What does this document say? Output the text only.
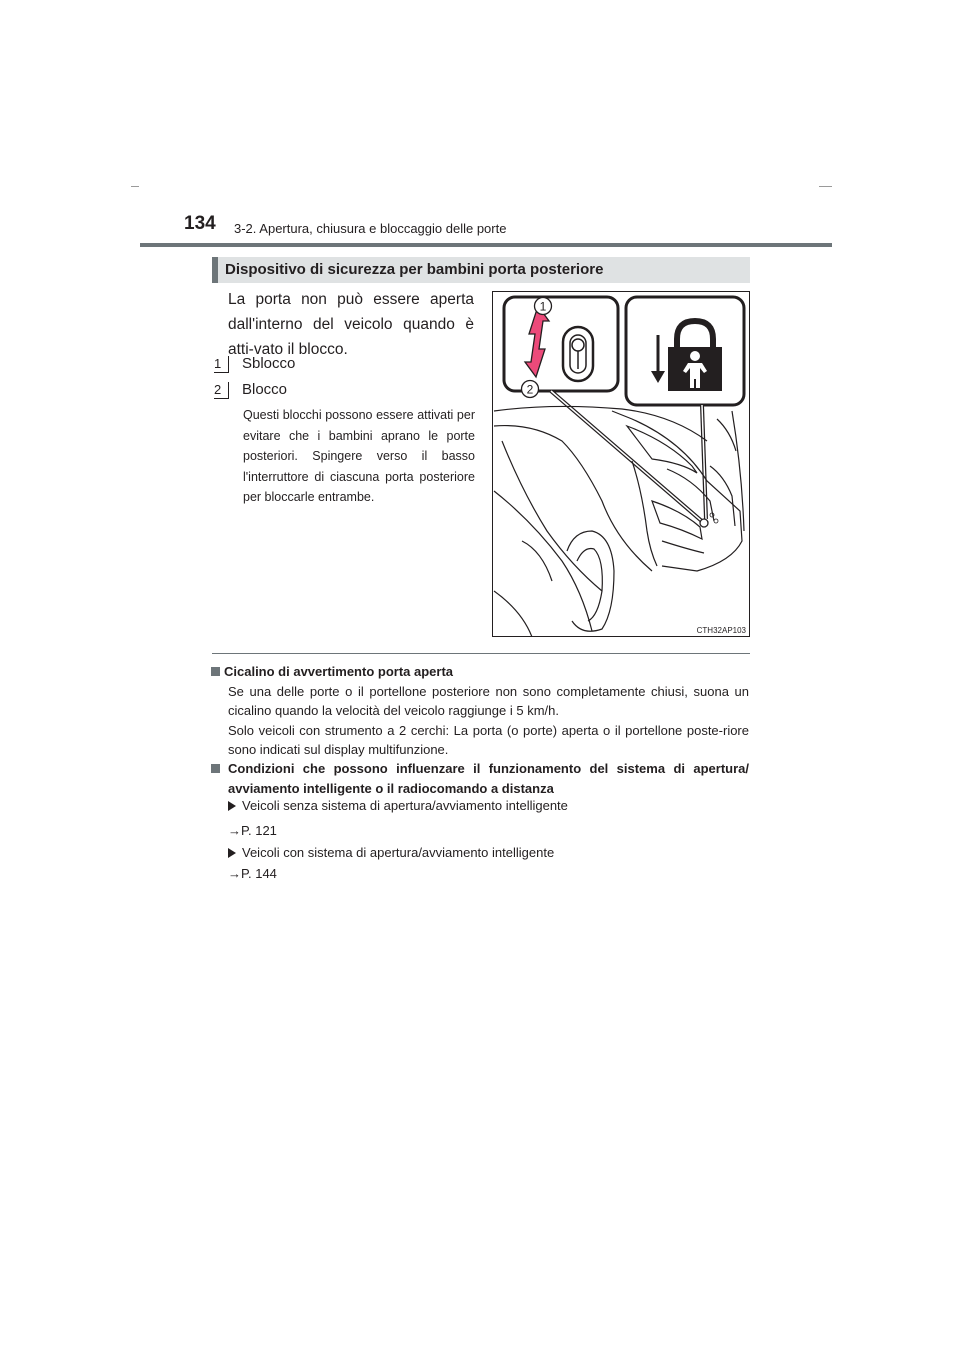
134 3-2. Apertura, chiusura e bloccaggio delle porte
Dispositivo di sicurezza per bambini porta posteriore
La porta non può essere aperta dall'interno del veicolo quando è atti-vato il blocco.
1 Sblocco
2 Blocco
Questi blocchi possono essere attivati per evitare che i bambini aprano le porte posteriori. Spingere verso il basso l'interruttore di ciascuna porta posteriore per bloccarle entrambe.
1
2
CTH32AP103
Cicalino di avvertimento porta aperta
Se una delle porte o il portellone posteriore non sono completamente chiusi, suona un cicalino quando la velocità del veicolo raggiunge i 5 km/h.
Solo veicoli con strumento a 2 cerchi: La porta (o porte) aperta o il portellone poste-riore sono indicati sul display multifunzione.
Condizioni che possono influenzare il funzionamento del sistema di apertura/ avviamento intelligente o il radiocomando a distanza
Veicoli senza sistema di apertura/avviamento intelligente
→P. 121
Veicoli con sistema di apertura/avviamento intelligente
→P. 144
